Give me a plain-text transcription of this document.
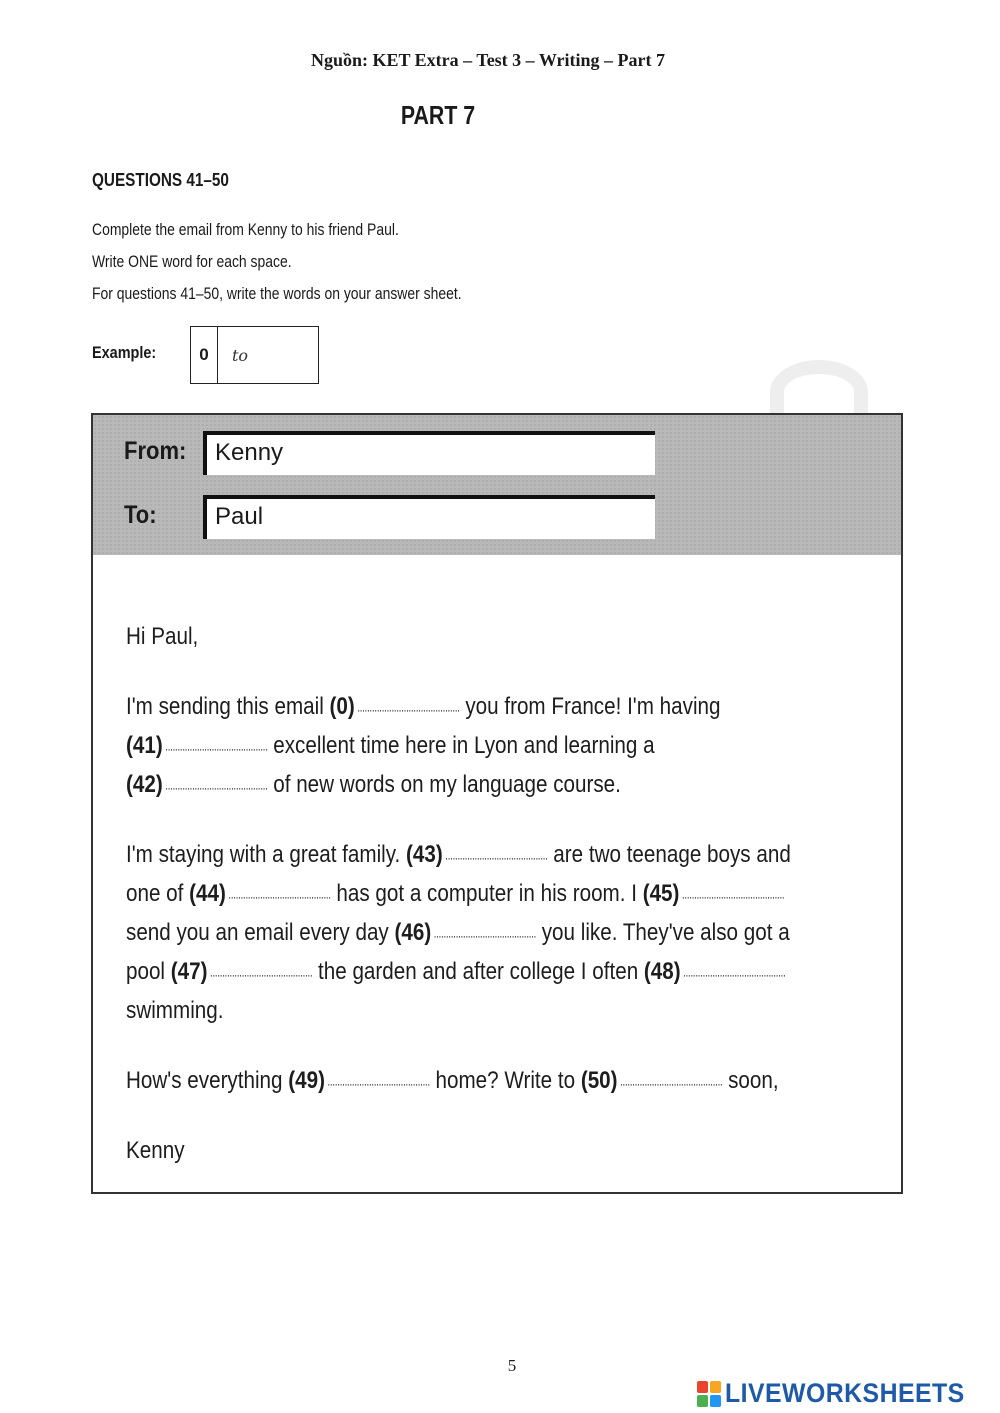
Nguồn: KET Extra – Test 3 – Writing – Part 7
PART 7
QUESTIONS 41–50
Complete the email from Kenny to his friend Paul.
Write ONE word for each space.
For questions 41–50, write the words on your answer sheet.
Example:	0	to
From:	Kenny
To:	Paul
Hi Paul,
I'm sending this email (0) .......................................... you from France! I'm having
(41) .......................................... excellent time here in Lyon and learning a
(42) .......................................... of new words on my language course.
I'm staying with a great family. (43) .......................................... are two teenage boys and
one of (44) .......................................... has got a computer in his room. I (45) ..........................................
send you an email every day (46) .......................................... you like. They've also got a
pool (47) .......................................... the garden and after college I often (48) ..........................................
swimming.
How's everything (49) .......................................... home? Write to (50) .......................................... soon,
Kenny
5
LIVEWORKSHEETS
